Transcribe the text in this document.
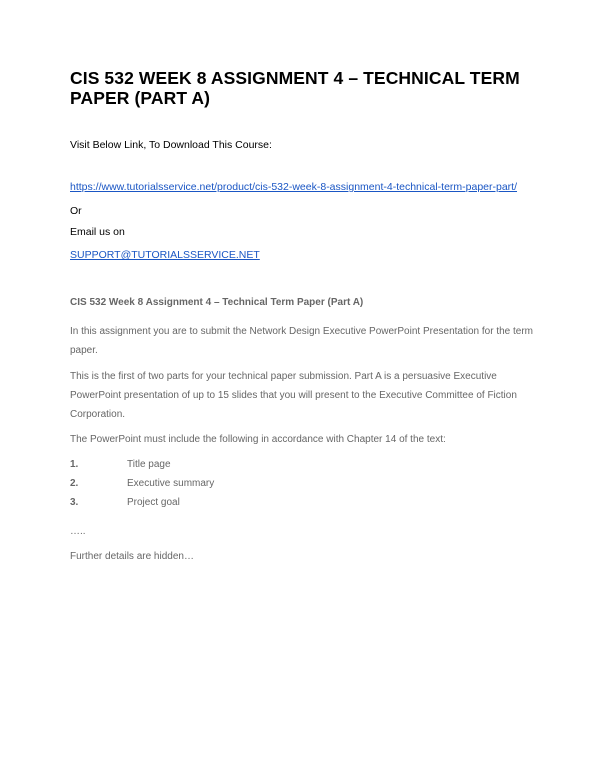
CIS 532 WEEK 8 ASSIGNMENT 4 – TECHNICAL TERM PAPER (PART A)
Visit Below Link, To Download This Course:
https://www.tutorialsservice.net/product/cis-532-week-8-assignment-4-technical-term-paper-part/
Or
Email us on
SUPPORT@TUTORIALSSERVICE.NET
CIS 532 Week 8 Assignment 4 – Technical Term Paper (Part A)
In this assignment you are to submit the Network Design Executive PowerPoint Presentation for the term paper.
This is the first of two parts for your technical paper submission. Part A is a persuasive Executive PowerPoint presentation of up to 15 slides that you will present to the Executive Committee of Fiction Corporation.
The PowerPoint must include the following in accordance with Chapter 14 of the text:
1.	Title page
2.	Executive summary
3.	Project goal
…..
Further details are hidden…
